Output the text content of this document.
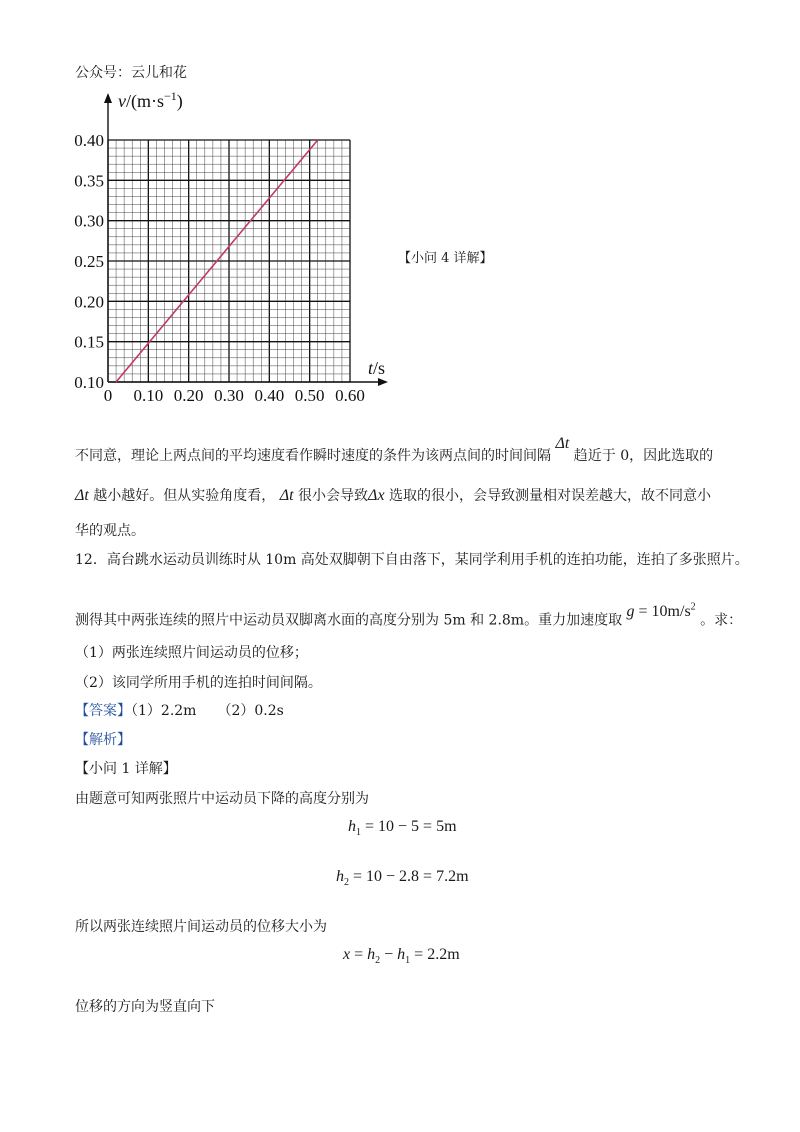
公众号：云儿和花
0 0.10 0.20 0.30 0.40 0.50 0.60
0.10
0.15
0.20
0.25
0.30
0.35
0.40
$v/(m\cdot s^{-1})$
t/s
【小问 4 详解】
不同意，理论上两点间的平均速度看作瞬时速度的条件为该两点间的时间间隔 Δt 趋近于 0，因此选取的
Δt 越小越好。但从实验角度看， Δt 很小会导致Δx 选取的很小，会导致测量相对误差越大，故不同意小
华的观点。
12．高台跳水运动员训练时从 10m 高处双脚朝下自由落下，某同学利用手机的连拍功能，连拍了多张照片。
测得其中两张连续的照片中运动员双脚离水面的高度分别为 5m 和 2.8m。重力加速度取 $g = 10m/s^2$ 。求：
（1）两张连续照片间运动员的位移；
（2）该同学所用手机的连拍时间间隔。
【答案】（1）2.2m　　（2）0.2s
【解析】
【小问 1 详解】
由题意可知两张照片中运动员下降的高度分别为
$h_1 = 10 - 5 = 5m$
$h_2 = 10 - 2.8 = 7.2m$
所以两张连续照片间运动员的位移大小为
$x = h_2 - h_1 = 2.2m$
位移的方向为竖直向下
